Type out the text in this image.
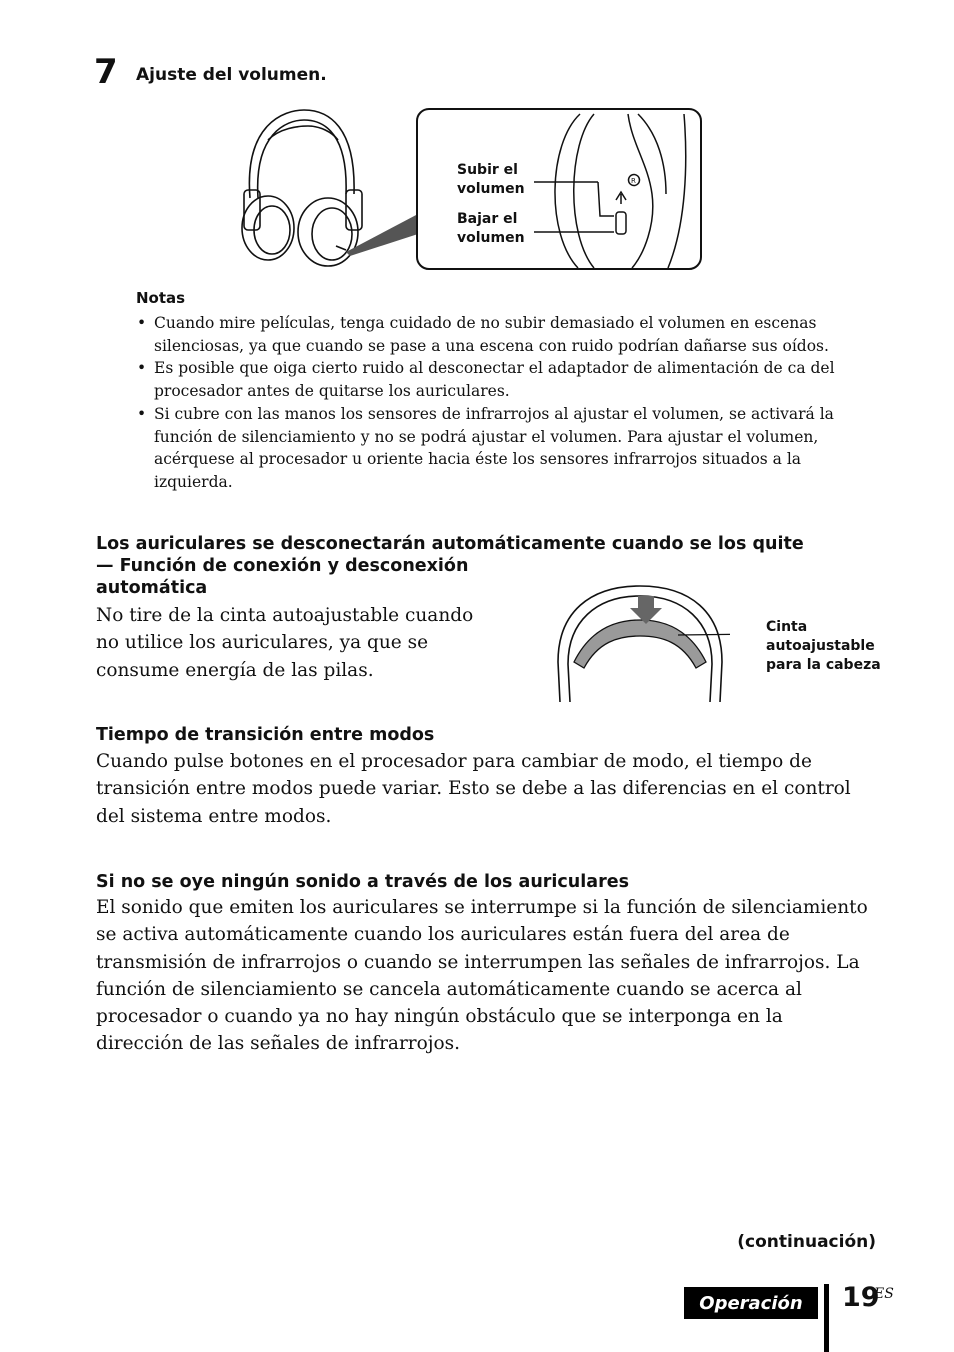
7 Ajuste del volumen.
R
Subir el
volumen
Bajar el
volumen
Notas
• Cuando mire películas, tenga cuidado de no subir demasiado el volumen en escenas silenciosas, ya que cuando se pase a una escena con ruido podrían dañarse sus oídos.
• Es posible que oiga cierto ruido al desconectar el adaptador de alimentación de ca del procesador antes de quitarse los auriculares.
• Si cubre con las manos los sensores de infrarrojos al ajustar el volumen, se activará la función de silenciamiento y no se podrá ajustar el volumen. Para ajustar el volumen, acérquese al procesador u oriente hacia éste los sensores infrarrojos situados a la izquierda.
Los auriculares se desconectarán automáticamente cuando se los quite
— Función de conexión y desconexión
automática
No tire de la cinta autoajustable cuando no utilice los auriculares, ya que se consume energía de las pilas.
Cinta
autoajustable
para la cabeza
Tiempo de transición entre modos
Cuando pulse botones en el procesador para cambiar de modo, el tiempo de transición entre modos puede variar. Esto se debe a las diferencias en el control del sistema entre modos.
Si no se oye ningún sonido a través de los auriculares
El sonido que emiten los auriculares se interrumpe si la función de silenciamiento se activa automáticamente cuando los auriculares están fuera del area de transmisión de infrarrojos o cuando se interrumpen las señales de infrarrojos. La función de silenciamiento se cancela automáticamente cuando se acerca al procesador o cuando ya no hay ningún obstáculo que se interponga en la dirección de las señales de infrarrojos.
(continuación)
Operación	19
ES
